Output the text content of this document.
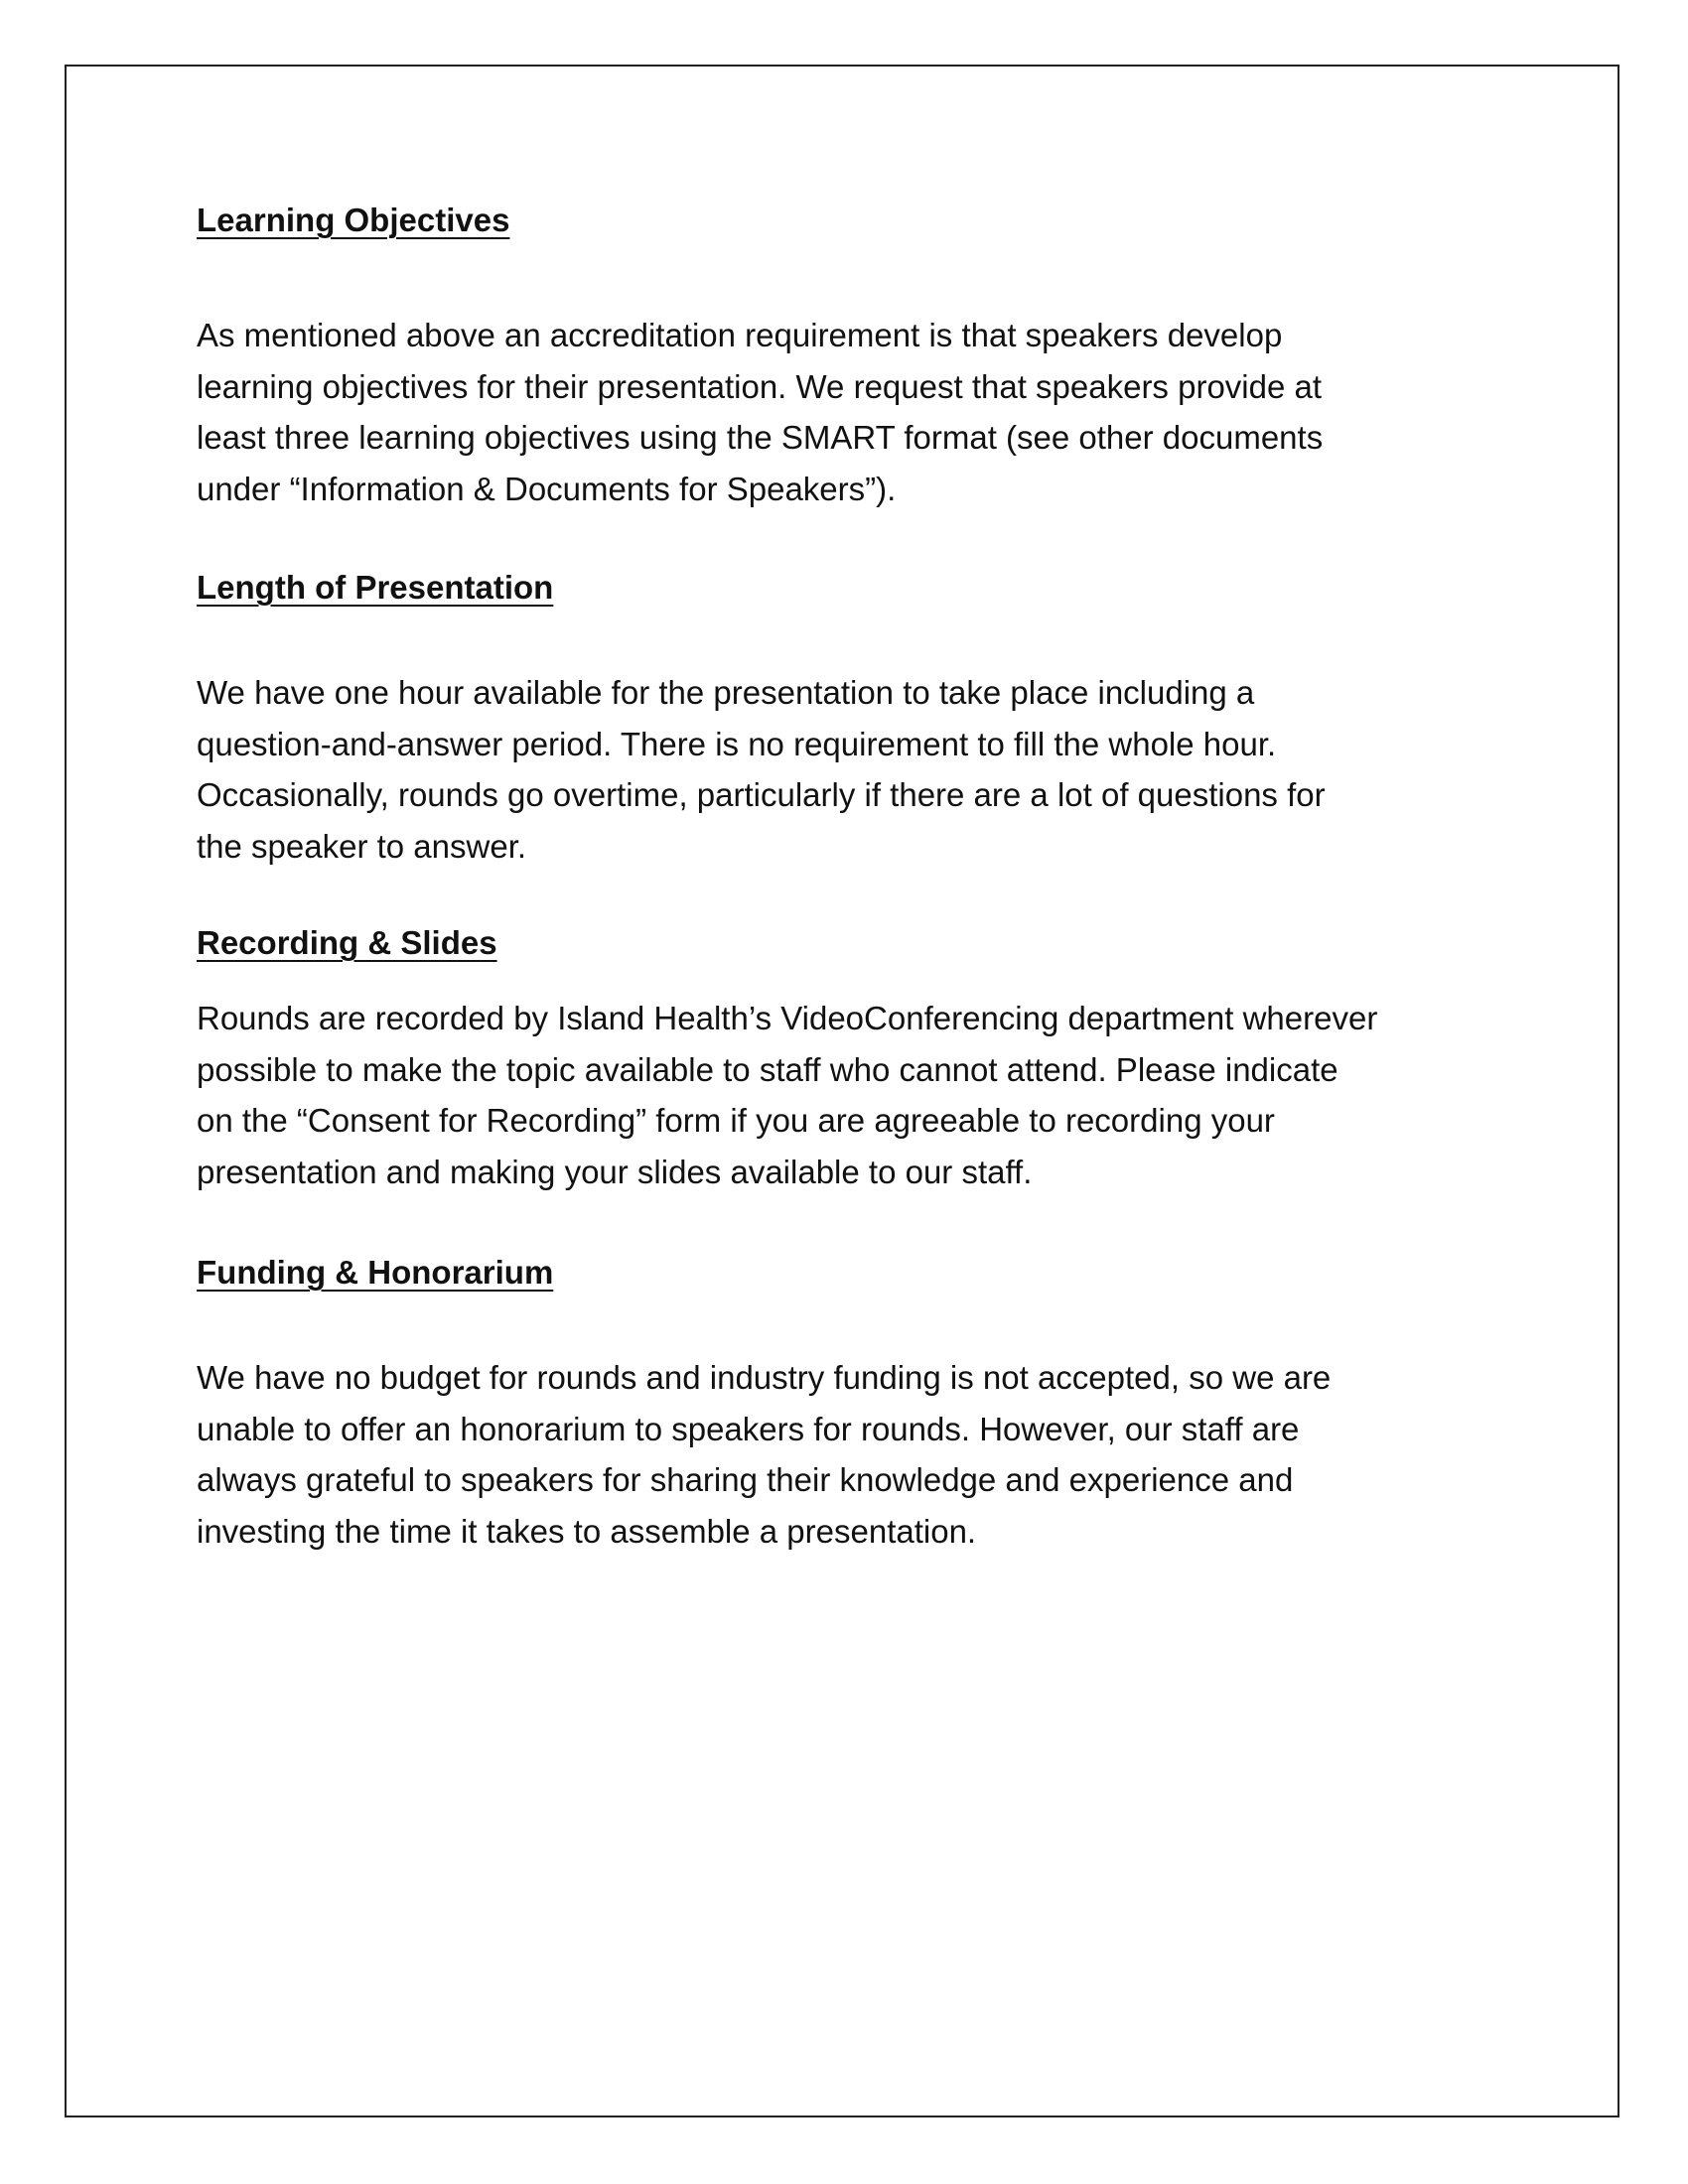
Learning Objectives

As mentioned above an accreditation requirement is that speakers develop
learning objectives for their presentation. We request that speakers provide at
least three learning objectives using the SMART format (see other documents
under “Information & Documents for Speakers”).

Length of Presentation

We have one hour available for the presentation to take place including a
question-and-answer period. There is no requirement to fill the whole hour.
Occasionally, rounds go overtime, particularly if there are a lot of questions for
the speaker to answer.

Recording & Slides

Rounds are recorded by Island Health’s VideoConferencing department wherever
possible to make the topic available to staff who cannot attend. Please indicate
on the “Consent for Recording” form if you are agreeable to recording your
presentation and making your slides available to our staff.

Funding & Honorarium

We have no budget for rounds and industry funding is not accepted, so we are
unable to offer an honorarium to speakers for rounds. However, our staff are
always grateful to speakers for sharing their knowledge and experience and
investing the time it takes to assemble a presentation.
